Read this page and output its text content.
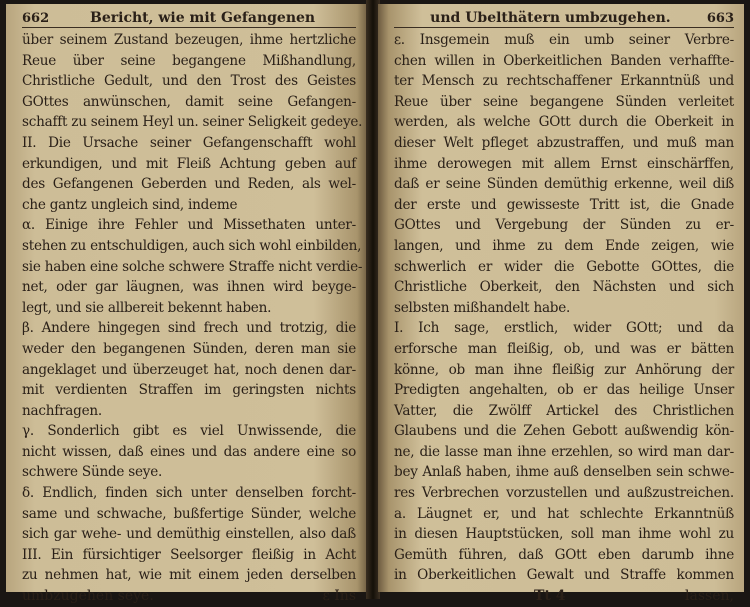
662	Bericht, wie mit Gefangenen
über seinem Zustand bezeugen, ihme hertzliche
Reue über seine begangene Mißhandlung,
Christliche Gedult, und den Trost des Geistes
GOttes anwünschen, damit seine Gefangen-
schafft zu seinem Heyl un. seiner Seligkeit gedeye.
II. Die Ursache seiner Gefangenschafft wohl
erkundigen, und mit Fleiß Achtung geben auf
des Gefangenen Geberden und Reden, als wel-
che gantz ungleich sind, indeme
α. Einige ihre Fehler und Missethaten unter-
stehen zu entschuldigen, auch sich wohl einbilden,
sie haben eine solche schwere Straffe nicht verdie-
net, oder gar läugnen, was ihnen wird beyge-
legt, und sie allbereit bekennt haben.
β. Andere hingegen sind frech und trotzig, die
weder den begangenen Sünden, deren man sie
angeklaget und überzeuget hat, noch denen dar-
mit verdienten Straffen im geringsten nichts
nachfragen.
γ. Sonderlich gibt es viel Unwissende, die
nicht wissen, daß eines und das andere eine so
schwere Sünde seye.
δ. Endlich, finden sich unter denselben forcht-
same und schwache, bußfertige Sünder, welche
sich gar wehe- und demüthig einstellen, also daß
III. Ein fürsichtiger Seelsorger fleißig in Acht
zu nehmen hat, wie mit einem jeden derselben
umbzugehen seye.	ε Ins
und Ubelthätern umbzugehen.	663
ε. Insgemein muß ein umb seiner Verbre-
chen willen in Oberkeitlichen Banden verhaffte-
ter Mensch zu rechtschaffener Erkanntnüß und
Reue über seine begangene Sünden verleitet
werden, als welche GOtt durch die Oberkeit in
dieser Welt pfleget abzustraffen, und muß man
ihme derowegen mit allem Ernst einschärffen,
daß er seine Sünden demüthig erkenne, weil diß
der erste und gewisseste Tritt ist, die Gnade
GOttes und Vergebung der Sünden zu er-
langen, und ihme zu dem Ende zeigen, wie
schwerlich er wider die Gebotte GOttes, die
Christliche Oberkeit, den Nächsten und sich
selbsten mißhandelt habe.
I. Ich sage, erstlich, wider GOtt; und da
erforsche man fleißig, ob, und was er bätten
könne, ob man ihne fleißig zur Anhörung der
Predigten angehalten, ob er das heilige Unser
Vatter, die Zwölff Artickel des Christlichen
Glaubens und die Zehen Gebott außwendig kön-
ne, die lasse man ihne erzehlen, so wird man dar-
bey Anlaß haben, ihme auß denselben sein schwe-
res Verbrechen vorzustellen und außzustreichen.
a. Läugnet er, und hat schlechte Erkanntnüß
in diesen Hauptstücken, soll man ihme wohl zu
Gemüth führen, daß GOtt eben darumb ihne
in Oberkeitlichen Gewalt und Straffe kommen
Tt 4	lassen,
